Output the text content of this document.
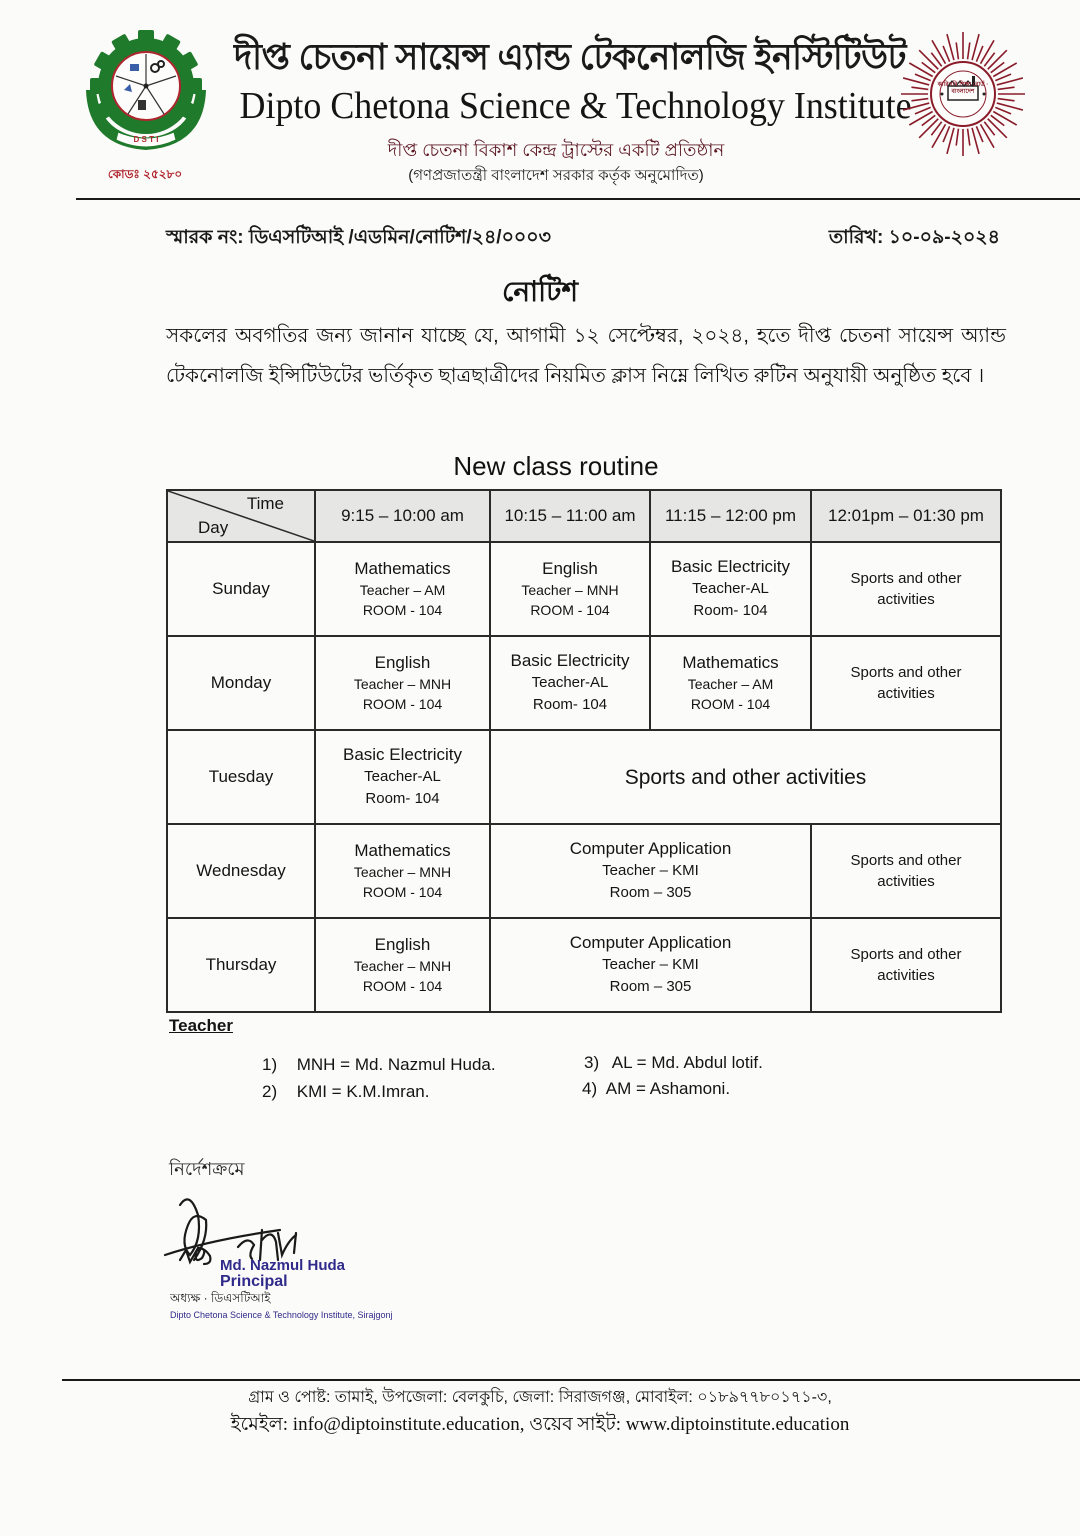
D S T I
কোডঃ ২৫২৮০
দীপ্ত চেতনা সায়েন্স এ্যান্ড টেকনোলজি ইনস্টিটিউট
Dipto Chetona Science & Technology Institute
দীপ্ত চেতনা বিকাশ কেন্দ্র ট্রাস্টের একটি প্রতিষ্ঠান
(গণপ্রজাতন্ত্রী বাংলাদেশ সরকার কর্তৃক অনুমোদিত)
কারিগরি শিক্ষা বোর্ড · বাংলাদেশ
স্মারক নং: ডিএসটিআই /এডমিন/নোটিশ/২৪/০০০৩	তারিখ: ১০-০৯-২০২৪
নোটিশ
সকলের অবগতির জন্য জানান যাচ্ছে যে, আগামী ১২ সেপ্টেম্বর, ২০২৪, হতে দীপ্ত চেতনা সায়েন্স অ্যান্ড টেকনোলজি ইন্সিটিউটের ভর্তিকৃত ছাত্রছাত্রীদের নিয়মিত ক্লাস নিম্নে লিখিত রুটিন অনুযায়ী অনুষ্ঠিত হবে ।
New class routine
Time
Day	9:15 – 10:00 am	10:15 – 11:00 am	11:15 – 12:00 pm	12:01pm – 01:30 pm
Sunday	Mathematics
Teacher – AM
ROOM - 104	English
Teacher – MNH
ROOM - 104	Basic Electricity
Teacher-AL
Room- 104	Sports and other activities

Monday	English
Teacher – MNH
ROOM - 104	Basic Electricity
Teacher-AL
Room- 104	Mathematics
Teacher – AM
ROOM - 104	Sports and other activities

Tuesday	Basic Electricity
Teacher-AL
Room- 104	Sports and other activities		

Wednesday	Mathematics
Teacher – MNH
ROOM - 104	Computer Application
Teacher – KMI
Room – 305		Sports and other activities

Thursday	English
Teacher – MNH
ROOM - 104	Computer Application
Teacher – KMI
Room – 305		Sports and other activities
Teacher
1) MNH = Md. Nazmul Huda.
2) KMI = K.M.Imran.
3) AL = Md. Abdul lotif.
4) AM = Ashamoni.
নির্দেশক্রমে
Md. Nazmul Huda
Principal
অধ্যক্ষ · ডিএসটিআই
Dipto Chetona Science & Technology Institute, Sirajgonj
গ্রাম ও পোষ্ট: তামাই, উপজেলা: বেলকুচি, জেলা: সিরাজগঞ্জ, মোবাইল: ০১৮৯৭৭৮০১৭১-৩,
ইমেইল: info@diptoinstitute.education, ওয়েব সাইট: www.diptoinstitute.education
